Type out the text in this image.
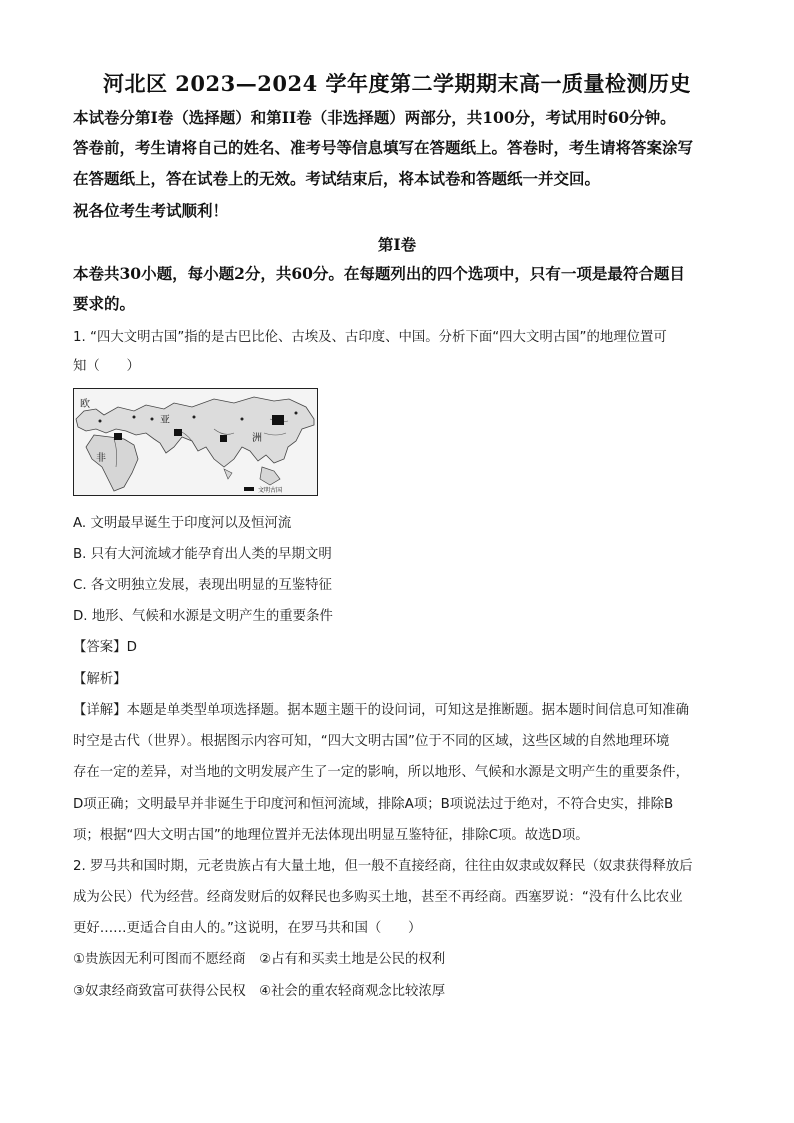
河北区 2023—2024 学年度第二学期期末高一质量检测历史
本试卷分第Ⅰ卷（选择题）和第II卷（非选择题）两部分，共100分，考试用时60分钟。
答卷前，考生请将自己的姓名、准考号等信息填写在答题纸上。答卷时，考生请将答案涂写
在答题纸上，答在试卷上的无效。考试结束后，将本试卷和答题纸一并交回。
祝各位考生考试顺利！
第Ⅰ卷
本卷共30小题，每小题2分，共60分。在每题列出的四个选项中，只有一项是最符合题目
要求的。
1. “四大文明古国”指的是古巴比伦、古埃及、古印度、中国。分析下面“四大文明古国”的地理位置可
知（　　）
欧
亚
非
洲
文明古国
A. 文明最早诞生于印度河以及恒河流
B. 只有大河流域才能孕育出人类的早期文明
C. 各文明独立发展，表现出明显的互鉴特征
D. 地形、气候和水源是文明产生的重要条件
【答案】D
【解析】
【详解】本题是单类型单项选择题。据本题主题干的设问词，可知这是推断题。据本题时间信息可知准确
时空是古代（世界）。根据图示内容可知，“四大文明古国”位于不同的区域，这些区域的自然地理环境
存在一定的差异，对当地的文明发展产生了一定的影响，所以地形、气候和水源是文明产生的重要条件，
D项正确；文明最早并非诞生于印度河和恒河流域，排除A项；B项说法过于绝对，不符合史实，排除B
项；根据“四大文明古国”的地理位置并无法体现出明显互鉴特征，排除C项。故选D项。
2. 罗马共和国时期，元老贵族占有大量土地，但一般不直接经商，往往由奴隶或奴释民（奴隶获得释放后
成为公民）代为经营。经商发财后的奴释民也多购买土地，甚至不再经商。西塞罗说：“没有什么比农业
更好……更适合自由人的。”这说明，在罗马共和国（　　）
①贵族因无利可图而不愿经商　②占有和买卖土地是公民的权利
③奴隶经商致富可获得公民权　④社会的重农轻商观念比较浓厚
